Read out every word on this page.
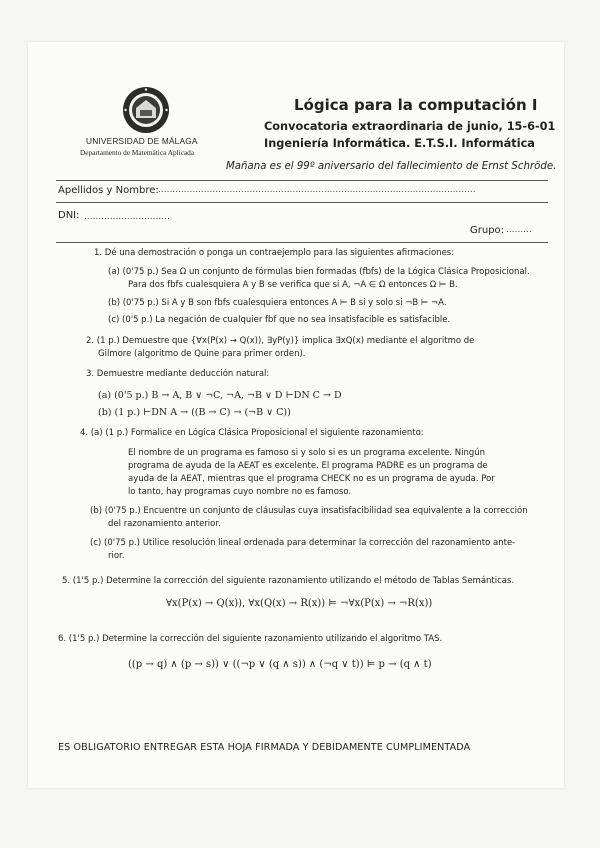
UNIVERSIDAD DE MÁLAGA
Departamento de Matemática Aplicada
Lógica para la computación I
Convocatoria extraordinaria de junio, 15-6-01
Ingeniería Informática. E.T.S.I. Informática
Mañana es el 99º aniversario del fallecimiento de Ernst Schröde.
Apellidos y Nombre: ...............................................................................................................
DNI: ..............................
Grupo: .........
1. Dé una demostración o ponga un contraejemplo para las siguientes afirmaciones:
(a) (0'75 p.) Sea Ω un conjunto de fórmulas bien formadas (fbfs) de la Lógica Clásica Proposicional.
Para dos fbfs cualesquiera A y B se verifica que si A, ¬A ∈ Ω entonces Ω ⊨ B.
(b) (0'75 p.) Si A y B son fbfs cualesquiera entonces A ⊨ B si y solo si ¬B ⊨ ¬A.
(c) (0'5 p.) La negación de cualquier fbf que no sea insatisfacible es satisfacible.
2. (1 p.) Demuestre que {∀x(P(x) → Q(x)), ∃yP(y)} implica ∃xQ(x) mediante el algoritmo de
Gilmore (algoritmo de Quine para primer orden).
3. Demuestre mediante deducción natural:
(a) (0'5 p.) B → A, B ∨ ¬C, ¬A, ¬B ∨ D ⊢DN C → D
(b) (1 p.) ⊢DN A → ((B → C) → (¬B ∨ C))
4. (a) (1 p.) Formalice en Lógica Clásica Proposicional el siguiente razonamiento:
El nombre de un programa es famoso si y solo si es un programa excelente. Ningún
programa de ayuda de la AEAT es excelente. El programa PADRE es un programa de
ayuda de la AEAT, mientras que el programa CHECK no es un programa de ayuda. Por
lo tanto, hay programas cuyo nombre no es famoso.
(b) (0'75 p.) Encuentre un conjunto de cláusulas cuya insatisfacibilidad sea equivalente a la corrección
del razonamiento anterior.
(c) (0'75 p.) Utilice resolución lineal ordenada para determinar la corrección del razonamiento ante-
rior.
5. (1'5 p.) Determine la corrección del siguiente razonamiento utilizando el método de Tablas Semánticas.
∀x(P(x) → Q(x)), ∀x(Q(x) → R(x)) ⊨ ¬∀x(P(x) → ¬R(x))
6. (1'5 p.) Determine la corrección del siguiente razonamiento utilizando el algoritmo TAS.
((p → q) ∧ (p → s)) ∨ ((¬p ∨ (q ∧ s)) ∧ (¬q ∨ t)) ⊨ p → (q ∧ t)
ES OBLIGATORIO ENTREGAR ESTA HOJA FIRMADA Y DEBIDAMENTE CUMPLIMENTADA
